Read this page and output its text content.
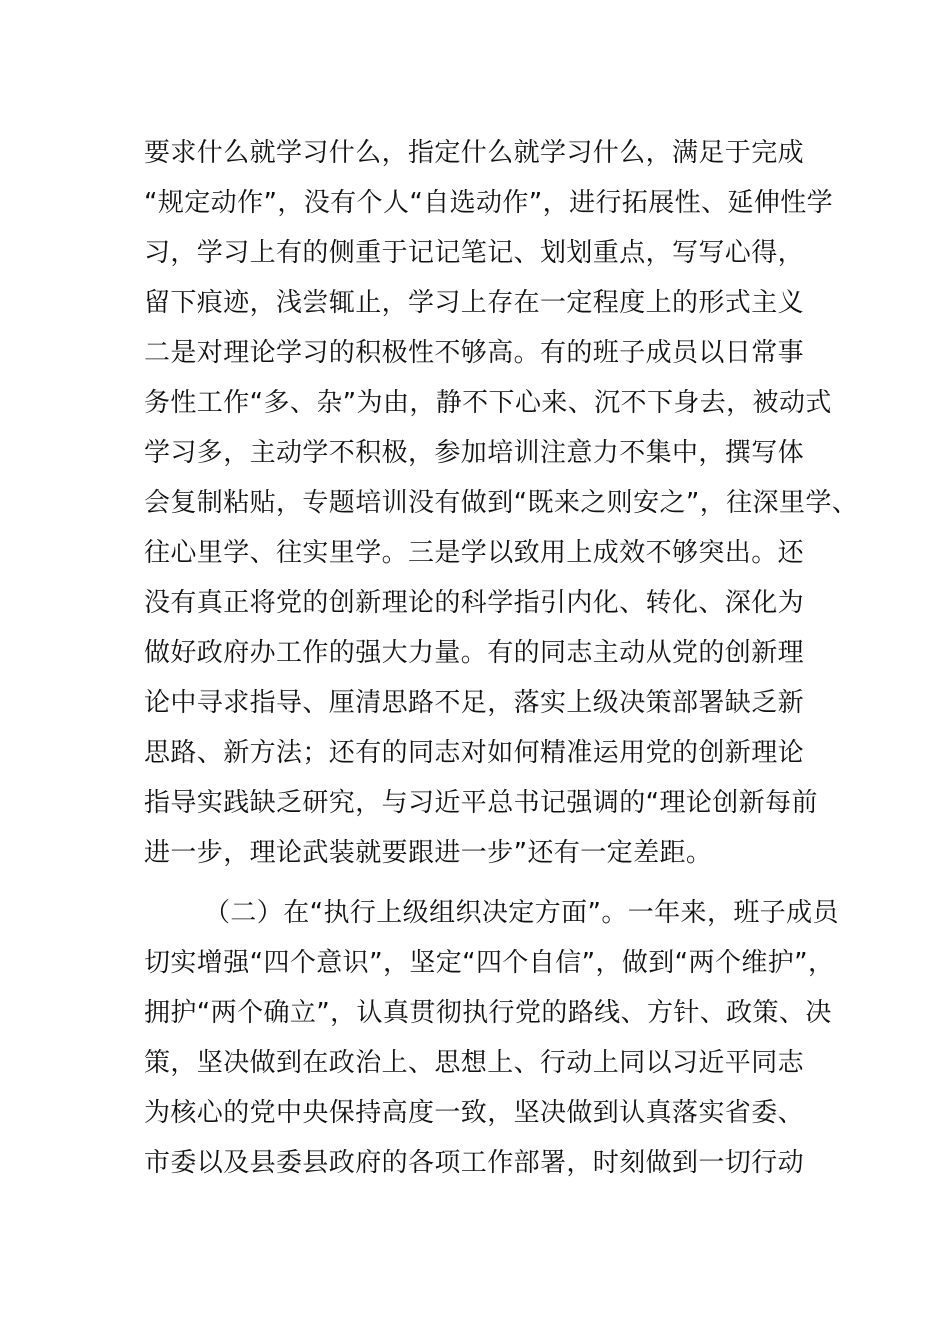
要求什么就学习什么，指定什么就学习什么，满足于完成
“规定动作”，没有个人“自选动作”，进行拓展性、延伸性学
习，学习上有的侧重于记记笔记、划划重点，写写心得，
留下痕迹，浅尝辄止，学习上存在一定程度上的形式主义
二是对理论学习的积极性不够高。有的班子成员以日常事
务性工作“多、杂”为由，静不下心来、沉不下身去，被动式
学习多，主动学不积极，参加培训注意力不集中，撰写体
会复制粘贴，专题培训没有做到“既来之则安之”，往深里学、
往心里学、往实里学。三是学以致用上成效不够突出。还
没有真正将党的创新理论的科学指引内化、转化、深化为
做好政府办工作的强大力量。有的同志主动从党的创新理
论中寻求指导、厘清思路不足，落实上级决策部署缺乏新
思路、新方法；还有的同志对如何精准运用党的创新理论
指导实践缺乏研究，与习近平总书记强调的“理论创新每前
进一步，理论武装就要跟进一步”还有一定差距。
（二）在“执行上级组织决定方面”。一年来，班子成员
切实增强“四个意识”，坚定“四个自信”，做到“两个维护”，
拥护“两个确立”，认真贯彻执行党的路线、方针、政策、决
策，坚决做到在政治上、思想上、行动上同以习近平同志
为核心的党中央保持高度一致，坚决做到认真落实省委、
市委以及县委县政府的各项工作部署，时刻做到一切行动
